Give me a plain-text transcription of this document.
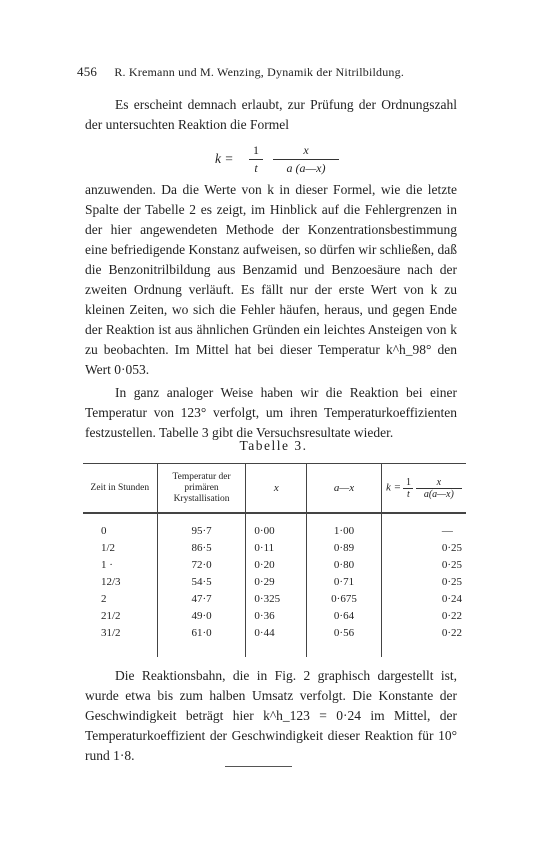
456 R. Kremann und M. Wenzing, Dynamik der Nitrilbildung.
Es erscheint demnach erlaubt, zur Prüfung der Ordnungszahl der untersuchten Reaktion die Formel
k =
1
t
x
a (a—x)
anzuwenden. Da die Werte von k in dieser Formel, wie die letzte Spalte der Tabelle 2 es zeigt, im Hinblick auf die Fehlergrenzen in der hier angewendeten Methode der Konzentrationsbestimmung eine befriedigende Konstanz aufweisen, so dürfen wir schließen, daß die Benzonitrilbildung aus Benzamid und Benzoesäure nach der zweiten Ordnung verläuft. Es fällt nur der erste Wert von k zu kleinen Zeiten, wo sich die Fehler häufen, heraus, und gegen Ende der Reaktion ist aus ähnlichen Gründen ein leichtes Ansteigen von k zu beobachten. Im Mittel hat bei dieser Temperatur k^h_98° den Wert 0·053.
In ganz analoger Weise haben wir die Reaktion bei einer Temperatur von 123° verfolgt, um ihren Temperaturkoeffizienten festzustellen. Tabelle 3 gibt die Versuchsresultate wieder.
Tabelle 3.
Zeit in Stunden	Temperatur der primären Krystallisation	x	a—x	$k = \frac{1}{t}$
$\frac{x}{a(a—x)}$

0	95·7	0·00	1·00	—
1/2	86·5	0·11	0·89	0·25
1 ·	72·0	0·20	0·80	0·25
12/3	54·5	0·29	0·71	0·25
2	47·7	0·325	0·675	0·24
21/2	49·0	0·36	0·64	0·22
31/2	61·0	0·44	0·56	0·22
Die Reaktionsbahn, die in Fig. 2 graphisch dargestellt ist, wurde etwa bis zum halben Umsatz verfolgt. Die Konstante der Geschwindigkeit beträgt hier k^h_123 = 0·24 im Mittel, der Temperaturkoeffizient der Geschwindigkeit dieser Reaktion für 10° rund 1·8.
